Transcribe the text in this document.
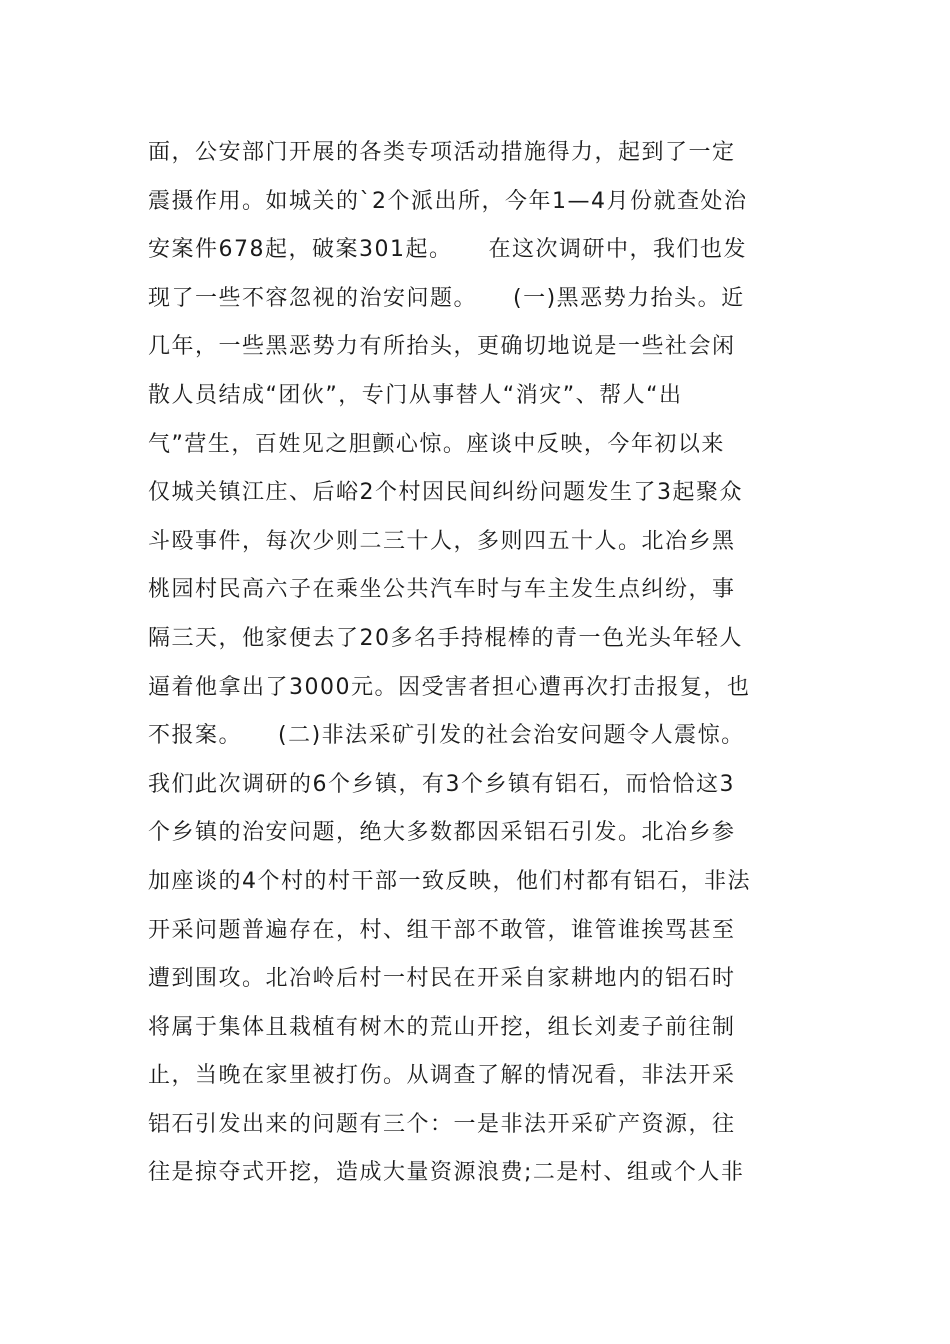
面，公安部门开展的各类专项活动措施得力，起到了一定
震摄作用。如城关的`2个派出所，今年1—4月份就查处治
安案件678起，破案301起。　　在这次调研中，我们也发
现了一些不容忽视的治安问题。　　(一)黑恶势力抬头。近
几年，一些黑恶势力有所抬头，更确切地说是一些社会闲
散人员结成“团伙”，专门从事替人“消灾”、帮人“出
气”营生，百姓见之胆颤心惊。座谈中反映，今年初以来
仅城关镇江庄、后峪2个村因民间纠纷问题发生了3起聚众
斗殴事件，每次少则二三十人，多则四五十人。北冶乡黑
桃园村民高六子在乘坐公共汽车时与车主发生点纠纷，事
隔三天，他家便去了20多名手持棍棒的青一色光头年轻人
逼着他拿出了3000元。因受害者担心遭再次打击报复，也
不报案。　　(二)非法采矿引发的社会治安问题令人震惊。
我们此次调研的6个乡镇，有3个乡镇有铝石，而恰恰这3
个乡镇的治安问题，绝大多数都因采铝石引发。北冶乡参
加座谈的4个村的村干部一致反映，他们村都有铝石，非法
开采问题普遍存在，村、组干部不敢管，谁管谁挨骂甚至
遭到围攻。北冶岭后村一村民在开采自家耕地内的铝石时
将属于集体且栽植有树木的荒山开挖，组长刘麦子前往制
止，当晚在家里被打伤。从调查了解的情况看，非法开采
铝石引发出来的问题有三个：一是非法开采矿产资源，往
往是掠夺式开挖，造成大量资源浪费;二是村、组或个人非
